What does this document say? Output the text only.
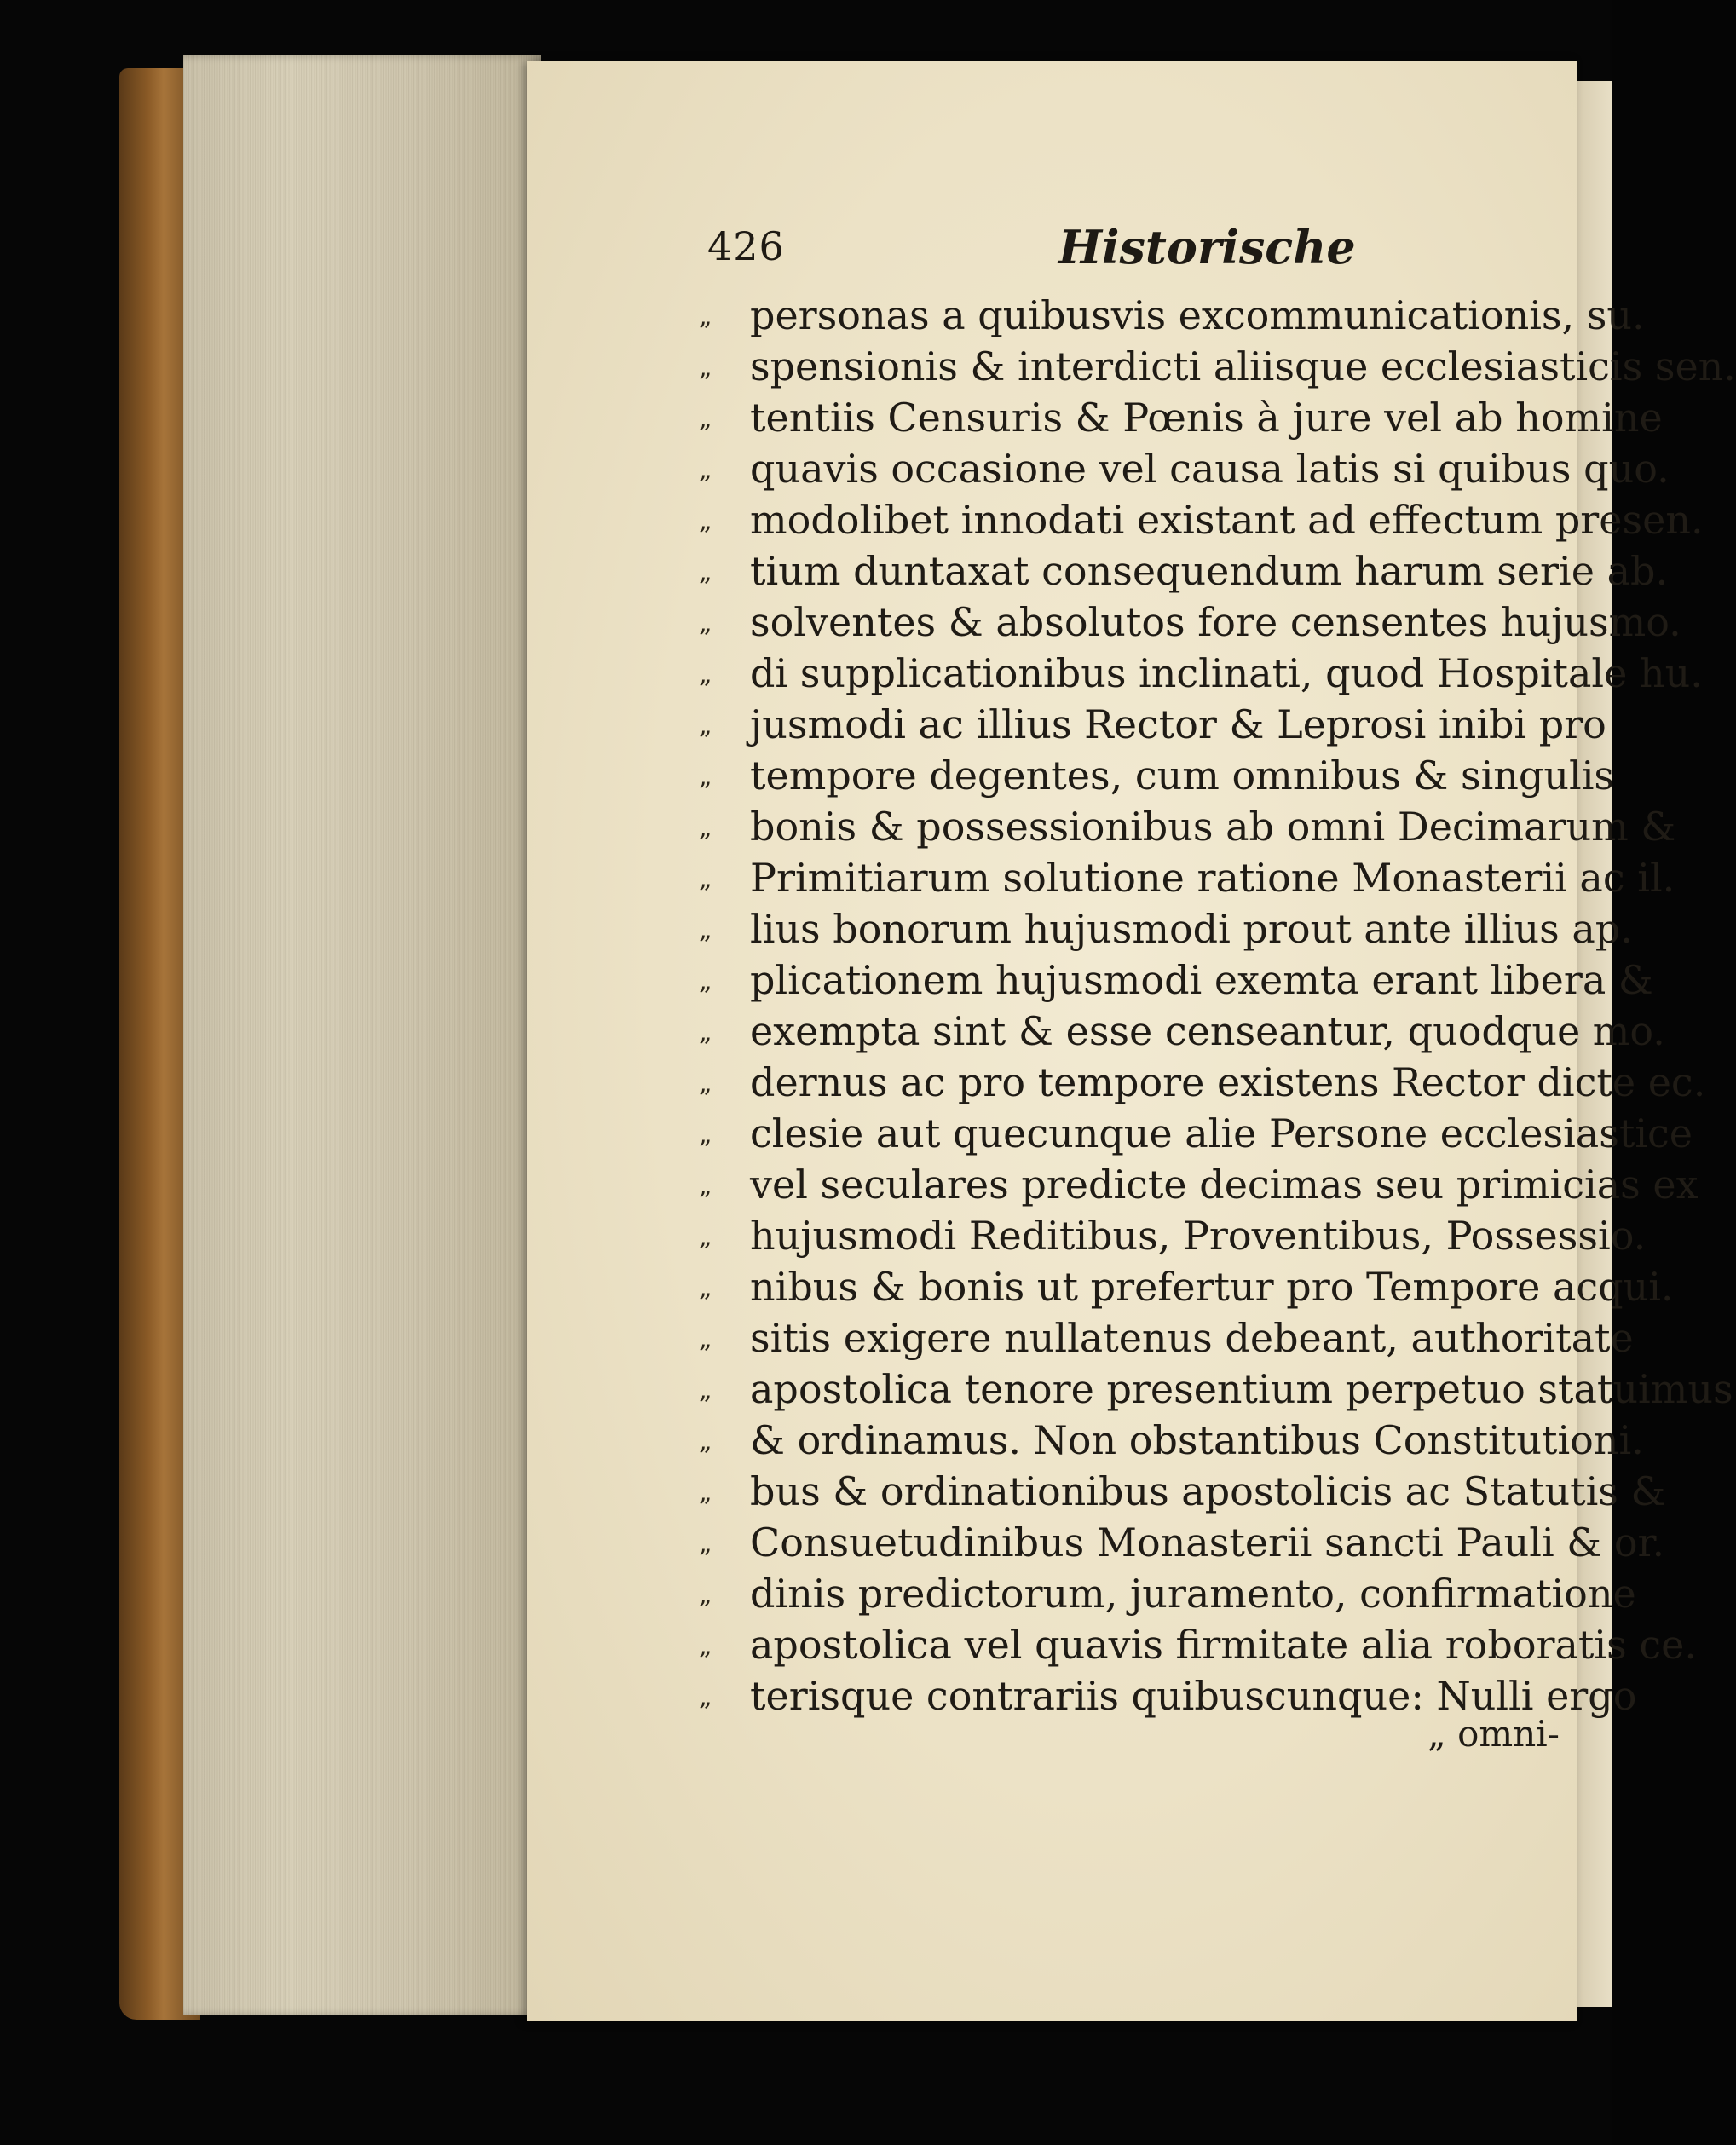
426	Historische
„ personas a quibusvis excommunicationis, su.
„ spensionis & interdicti aliisque ecclesiasticis sen.
„ tentiis Censuris & Pœnis à jure vel ab homine
„ quavis occasione vel causa latis si quibus quo.
„ modolibet innodati existant ad effectum presen.
„ tium duntaxat consequendum harum serie ab.
„ solventes & absolutos fore censentes hujusmo.
„ di supplicationibus inclinati, quod Hospitale hu.
„ jusmodi ac illius Rector & Leprosi inibi pro
„ tempore degentes, cum omnibus & singulis
„ bonis & possessionibus ab omni Decimarum &
„ Primitiarum solutione ratione Monasterii ac il.
„ lius bonorum hujusmodi prout ante illius ap.
„ plicationem hujusmodi exemta erant libera &
„ exempta sint & esse censeantur, quodque mo.
„ dernus ac pro tempore existens Rector dicte ec.
„ clesie aut quecunque alie Persone ecclesiastice
„ vel seculares predicte decimas seu primicias ex
„ hujusmodi Reditibus, Proventibus, Possessio.
„ nibus & bonis ut prefertur pro Tempore acqui.
„ sitis exigere nullatenus debeant, authoritate
„ apostolica tenore presentium perpetuo statuimus
„ & ordinamus. Non obstantibus Constitutioni.
„ bus & ordinationibus apostolicis ac Statutis &
„ Consuetudinibus Monasterii sancti Pauli & or.
„ dinis predictorum, juramento, confirmatione
„ apostolica vel quavis firmitate alia roboratis ce.
„ terisque contrariis quibuscunque: Nulli ergo
„ omni-
